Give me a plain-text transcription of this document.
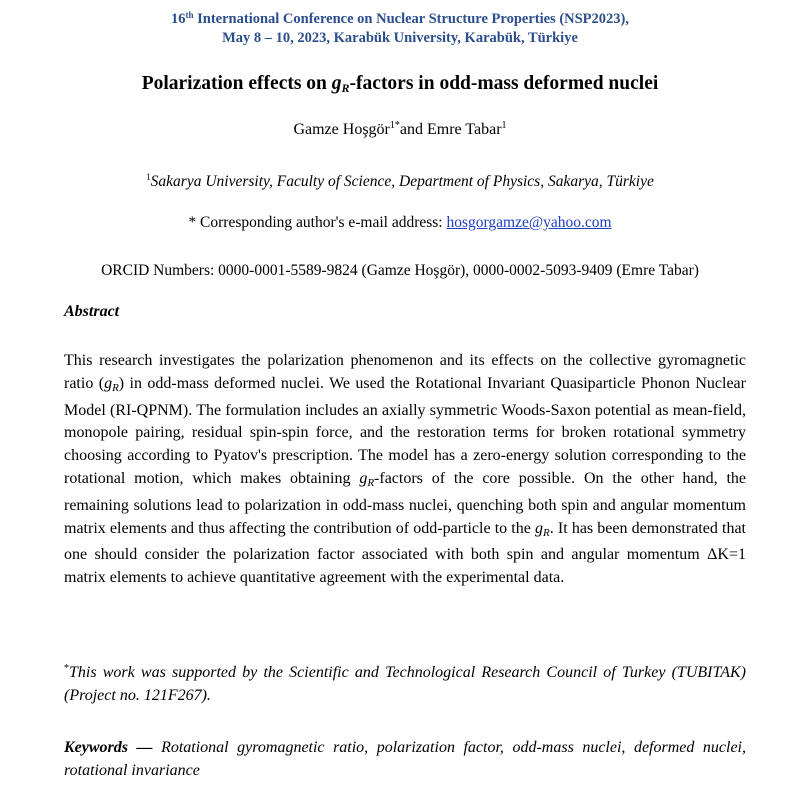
16th International Conference on Nuclear Structure Properties (NSP2023),
May 8 – 10, 2023, Karabük University, Karabük, Türkiye
Polarization effects on $g_R$-factors in odd-mass deformed nuclei
Gamze Hoşgör$^{1*}$and Emre Tabar$^1$
$^1$Sakarya University, Faculty of Science, Department of Physics, Sakarya, Türkiye
* Corresponding author's e-mail address: hosgorgamze@yahoo.com
ORCID Numbers: 0000-0001-5589-9824 (Gamze Hoşgör), 0000-0002-5093-9409 (Emre Tabar)
Abstract
This research investigates the polarization phenomenon and its effects on the collective gyromagnetic ratio (gR) in odd-mass deformed nuclei. We used the Rotational Invariant Quasiparticle Phonon Nuclear Model (RI-QPNM). The formulation includes an axially symmetric Woods-Saxon potential as mean-field, monopole pairing, residual spin-spin force, and the restoration terms for broken rotational symmetry choosing according to Pyatov's prescription. The model has a zero-energy solution corresponding to the rotational motion, which makes obtaining gR-factors of the core possible. On the other hand, the remaining solutions lead to polarization in odd-mass nuclei, quenching both spin and angular momentum matrix elements and thus affecting the contribution of odd-particle to the gR. It has been demonstrated that one should consider the polarization factor associated with both spin and angular momentum ΔK=1 matrix elements to achieve quantitative agreement with the experimental data.
*This work was supported by the Scientific and Technological Research Council of Turkey (TUBITAK) (Project no. 121F267).
Keywords — Rotational gyromagnetic ratio, polarization factor, odd-mass nuclei, deformed nuclei, rotational invariance
